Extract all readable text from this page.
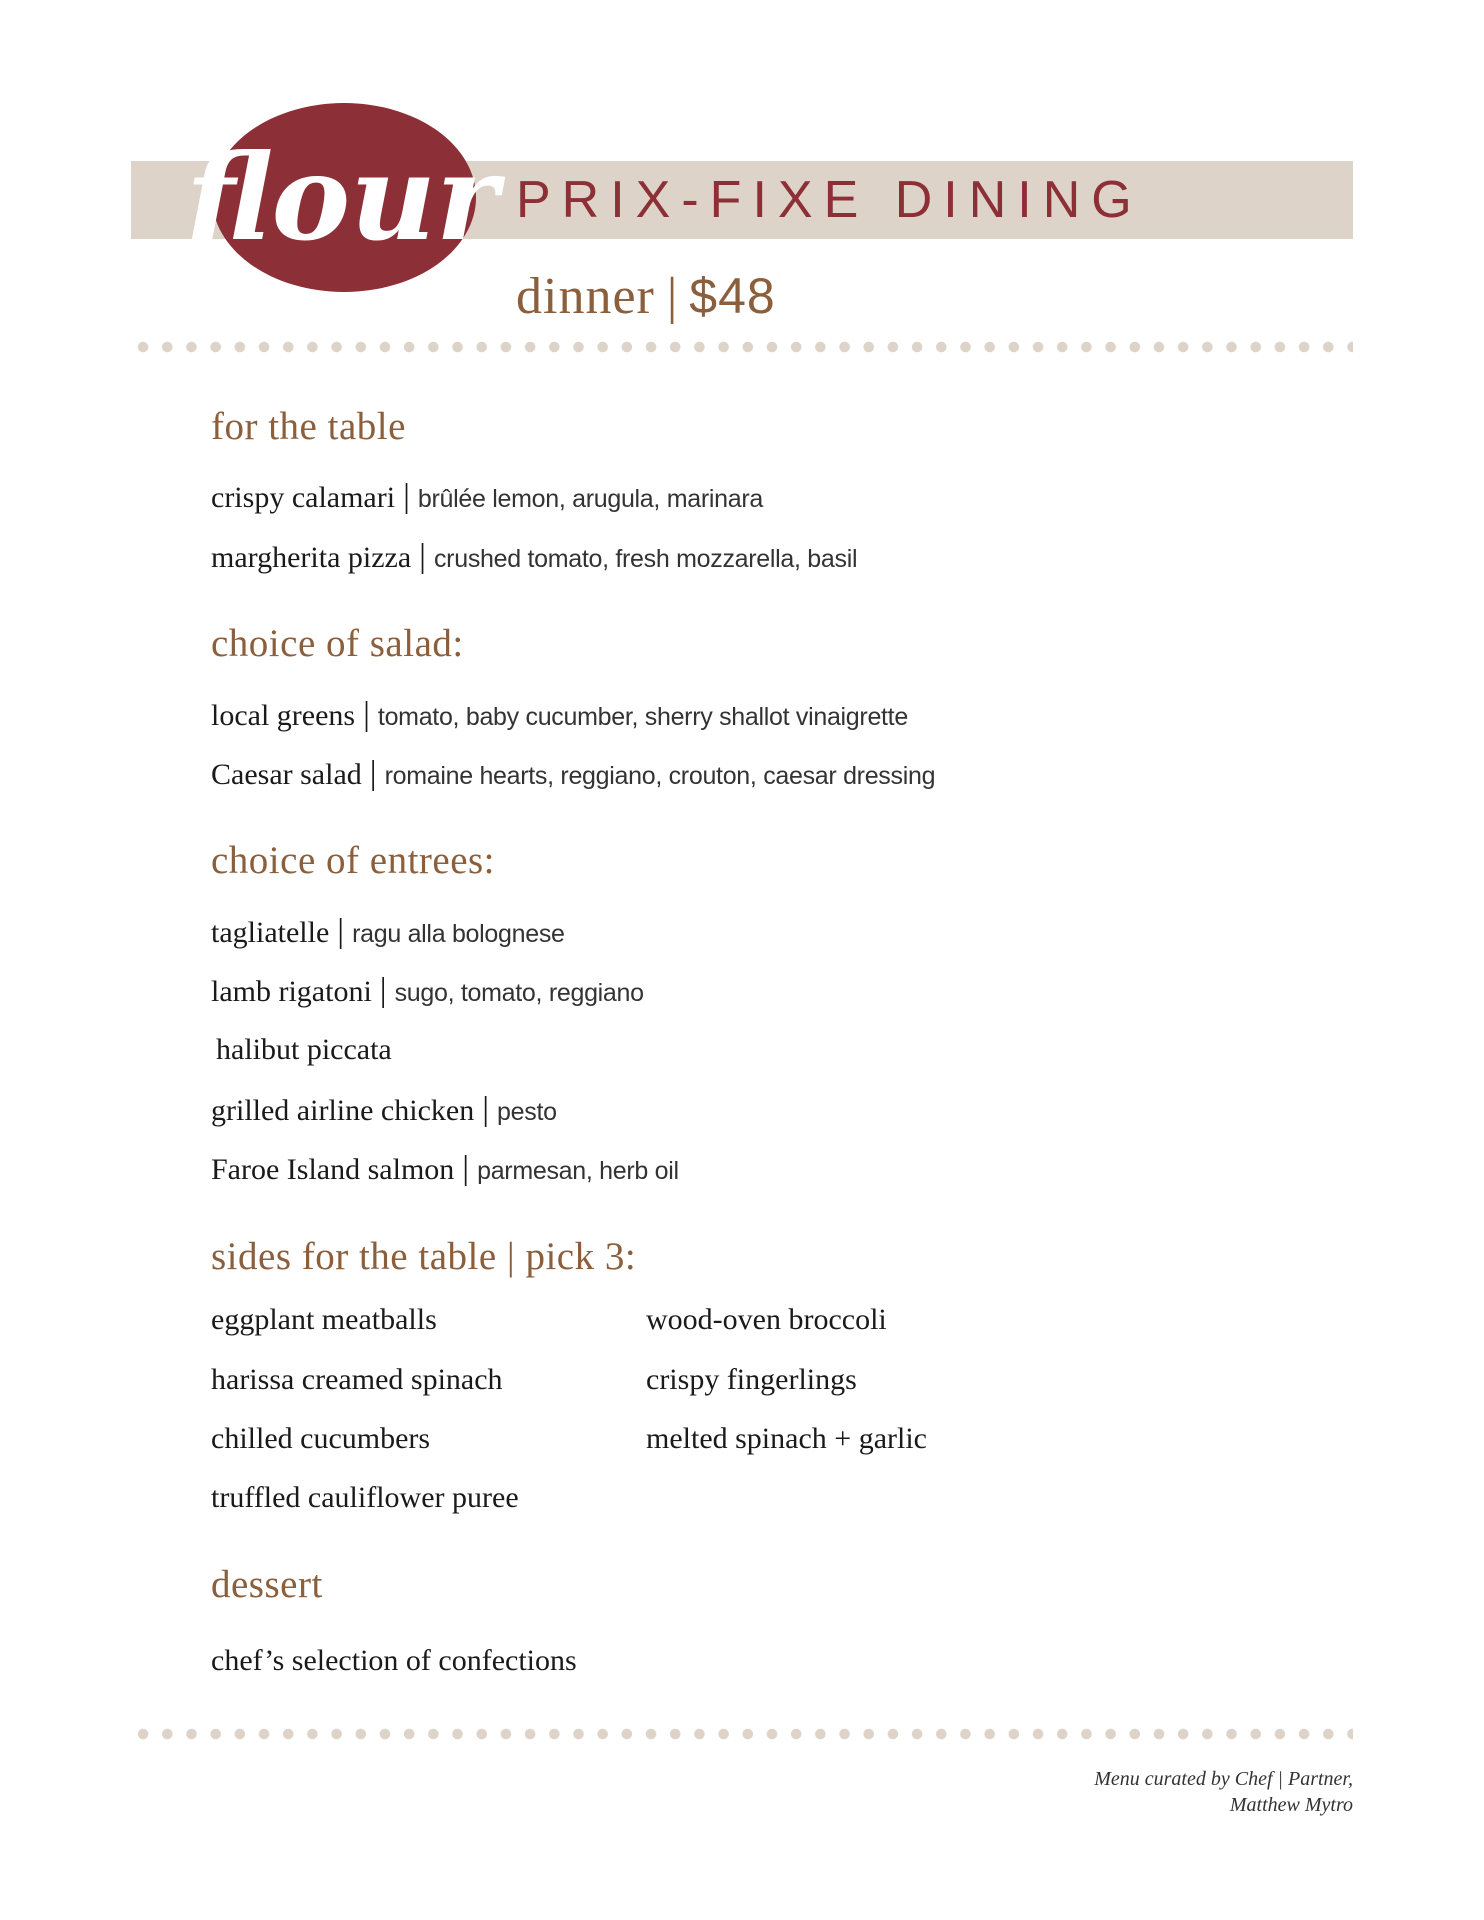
flour PRIX-FIXE DINING
dinner | $48
for the table
crispy calamari | brûlée lemon, arugula, marinara
margherita pizza | crushed tomato, fresh mozzarella, basil
choice of salad:
local greens | tomato, baby cucumber, sherry shallot vinaigrette
Caesar salad | romaine hearts, reggiano, crouton, caesar dressing
choice of entrees:
tagliatelle | ragu alla bolognese
lamb rigatoni | sugo, tomato, reggiano
halibut piccata
grilled airline chicken | pesto
Faroe Island salmon | parmesan, herb oil
sides for the table | pick 3:
eggplant meatballs
harissa creamed spinach
chilled cucumbers
truffled cauliflower puree
wood-oven broccoli
crispy fingerlings
melted spinach + garlic
dessert
chef’s selection of confections
Menu curated by Chef | Partner,
Matthew Mytro
